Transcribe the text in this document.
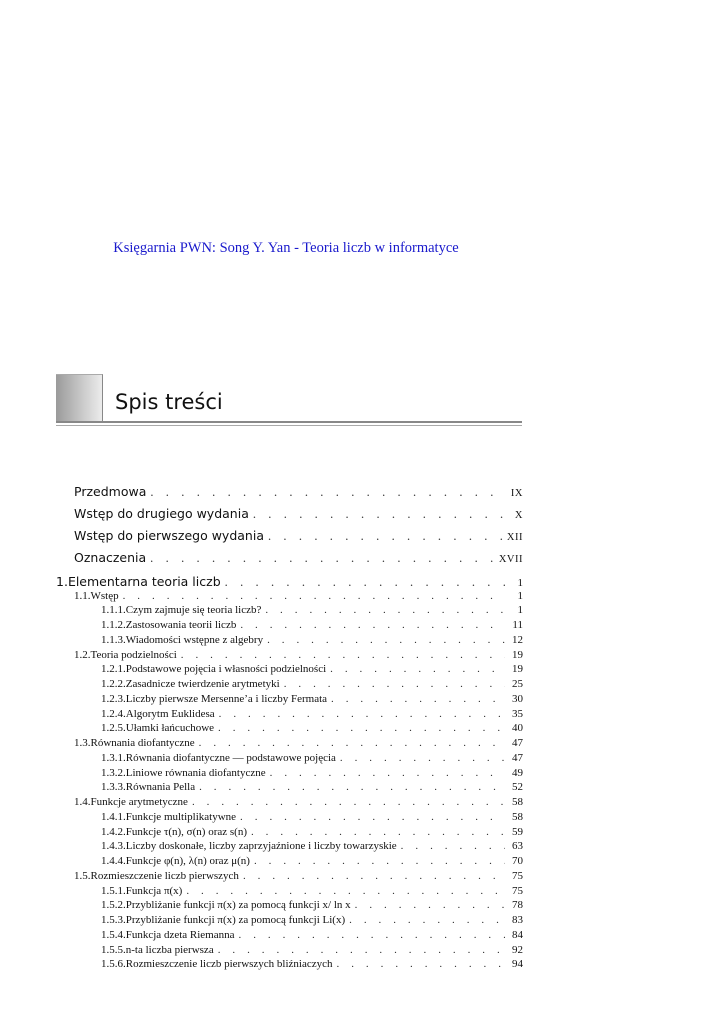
Księgarnia PWN: Song Y. Yan - Teoria liczb w informatyce
Spis treści
Przedmowa . . .	IX
Wstęp do drugiego wydania . . .	X
Wstęp do pierwszego wydania . . .	XII
Oznaczenia . . .	XVII
1. Elementarna teoria liczb . . .	1
1.1. Wstęp . . .	1
1.1.1. Czym zajmuje się teoria liczb? . . .	1
1.1.2. Zastosowania teorii liczb . . .	11
1.1.3. Wiadomości wstępne z algebry . . .	12
1.2. Teoria podzielności . . .	19
1.2.1. Podstawowe pojęcia i własności podzielności . . .	19
1.2.2. Zasadnicze twierdzenie arytmetyki . . .	25
1.2.3. Liczby pierwsze Mersenne’a i liczby Fermata . . .	30
1.2.4. Algorytm Euklidesa . . .	35
1.2.5. Ułamki łańcuchowe . . .	40
1.3. Równania diofantyczne . . .	47
1.3.1. Równania diofantyczne — podstawowe pojęcia . . .	47
1.3.2. Liniowe równania diofantyczne . . .	49
1.3.3. Równania Pella . . .	52
1.4. Funkcje arytmetyczne . . .	58
1.4.1. Funkcje multiplikatywne . . .	58
1.4.2. Funkcje τ(n), σ(n) oraz s(n) . . .	59
1.4.3. Liczby doskonałe, liczby zaprzyjaźnione i liczby towarzyskie . . .	63
1.4.4. Funkcje φ(n), λ(n) oraz μ(n) . . .	70
1.5. Rozmieszczenie liczb pierwszych . . .	75
1.5.1. Funkcja π(x) . . .	75
1.5.2. Przybliżanie funkcji π(x) za pomocą funkcji x/ ln x . . .	78
1.5.3. Przybliżanie funkcji π(x) za pomocą funkcji Li(x) . . .	83
1.5.4. Funkcja dzeta Riemanna . . .	84
1.5.5. n-ta liczba pierwsza . . .	92
1.5.6. Rozmieszczenie liczb pierwszych bliźniaczych . . .	94
